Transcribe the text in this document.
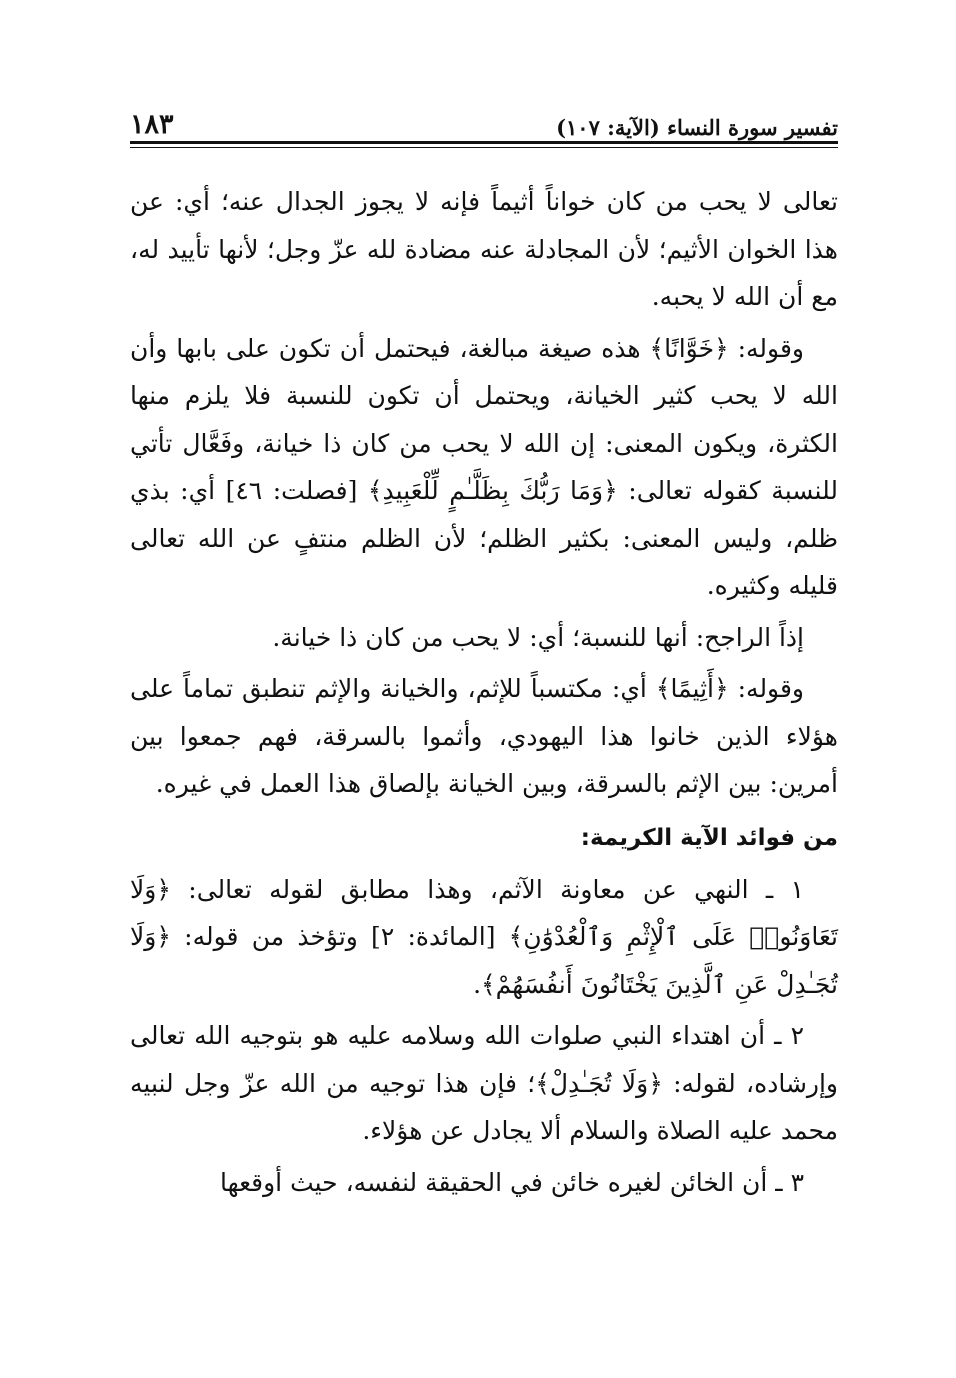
تفسير سورة النساء (الآية: ١٠٧)
١٨٣

تعالى لا يحب من كان خواناً أثيماً فإنه لا يجوز الجدال عنه؛ أي: عن هذا الخوان الأثيم؛ لأن المجادلة عنه مضادة لله عزّ وجل؛ لأنها تأييد له، مع أن الله لا يحبه.

وقوله: ﴿خَوَّانًا﴾ هذه صيغة مبالغة، فيحتمل أن تكون على بابها وأن الله لا يحب كثير الخيانة، ويحتمل أن تكون للنسبة فلا يلزم منها الكثرة، ويكون المعنى: إن الله لا يحب من كان ذا خيانة، وفَعَّال تأتي للنسبة كقوله تعالى: ﴿وَمَا رَبُّكَ بِظَلَّـٰمٍ لِّلْعَبِيدِ﴾ [فصلت: ٤٦] أي: بذي ظلم، وليس المعنى: بكثير الظلم؛ لأن الظلم منتفٍ عن الله تعالى قليله وكثيره.

إذاً الراجح: أنها للنسبة؛ أي: لا يحب من كان ذا خيانة.

وقوله: ﴿أَثِيمًا﴾ أي: مكتسباً للإثم، والخيانة والإثم تنطبق تماماً على هؤلاء الذين خانوا هذا اليهودي، وأثموا بالسرقة، فهم جمعوا بين أمرين: بين الإثم بالسرقة، وبين الخيانة بإلصاق هذا العمل في غيره.

من فوائد الآية الكريمة:

١ ـ النهي عن معاونة الآثم، وهذا مطابق لقوله تعالى: ﴿وَلَا تَعَاوَنُوا۟ عَلَى ٱلْإِثْمِ وَٱلْعُدْوَٰنِ﴾ [المائدة: ٢] وتؤخذ من قوله: ﴿وَلَا تُجَـٰدِلْ عَنِ ٱلَّذِينَ يَخْتَانُونَ أَنفُسَهُمْ﴾.

٢ ـ أن اهتداء النبي صلوات الله وسلامه عليه هو بتوجيه الله تعالى وإرشاده، لقوله: ﴿وَلَا تُجَـٰدِلْ﴾؛ فإن هذا توجيه من الله عزّ وجل لنبيه محمد عليه الصلاة والسلام ألا يجادل عن هؤلاء.

٣ ـ أن الخائن لغيره خائن في الحقيقة لنفسه، حيث أوقعها
